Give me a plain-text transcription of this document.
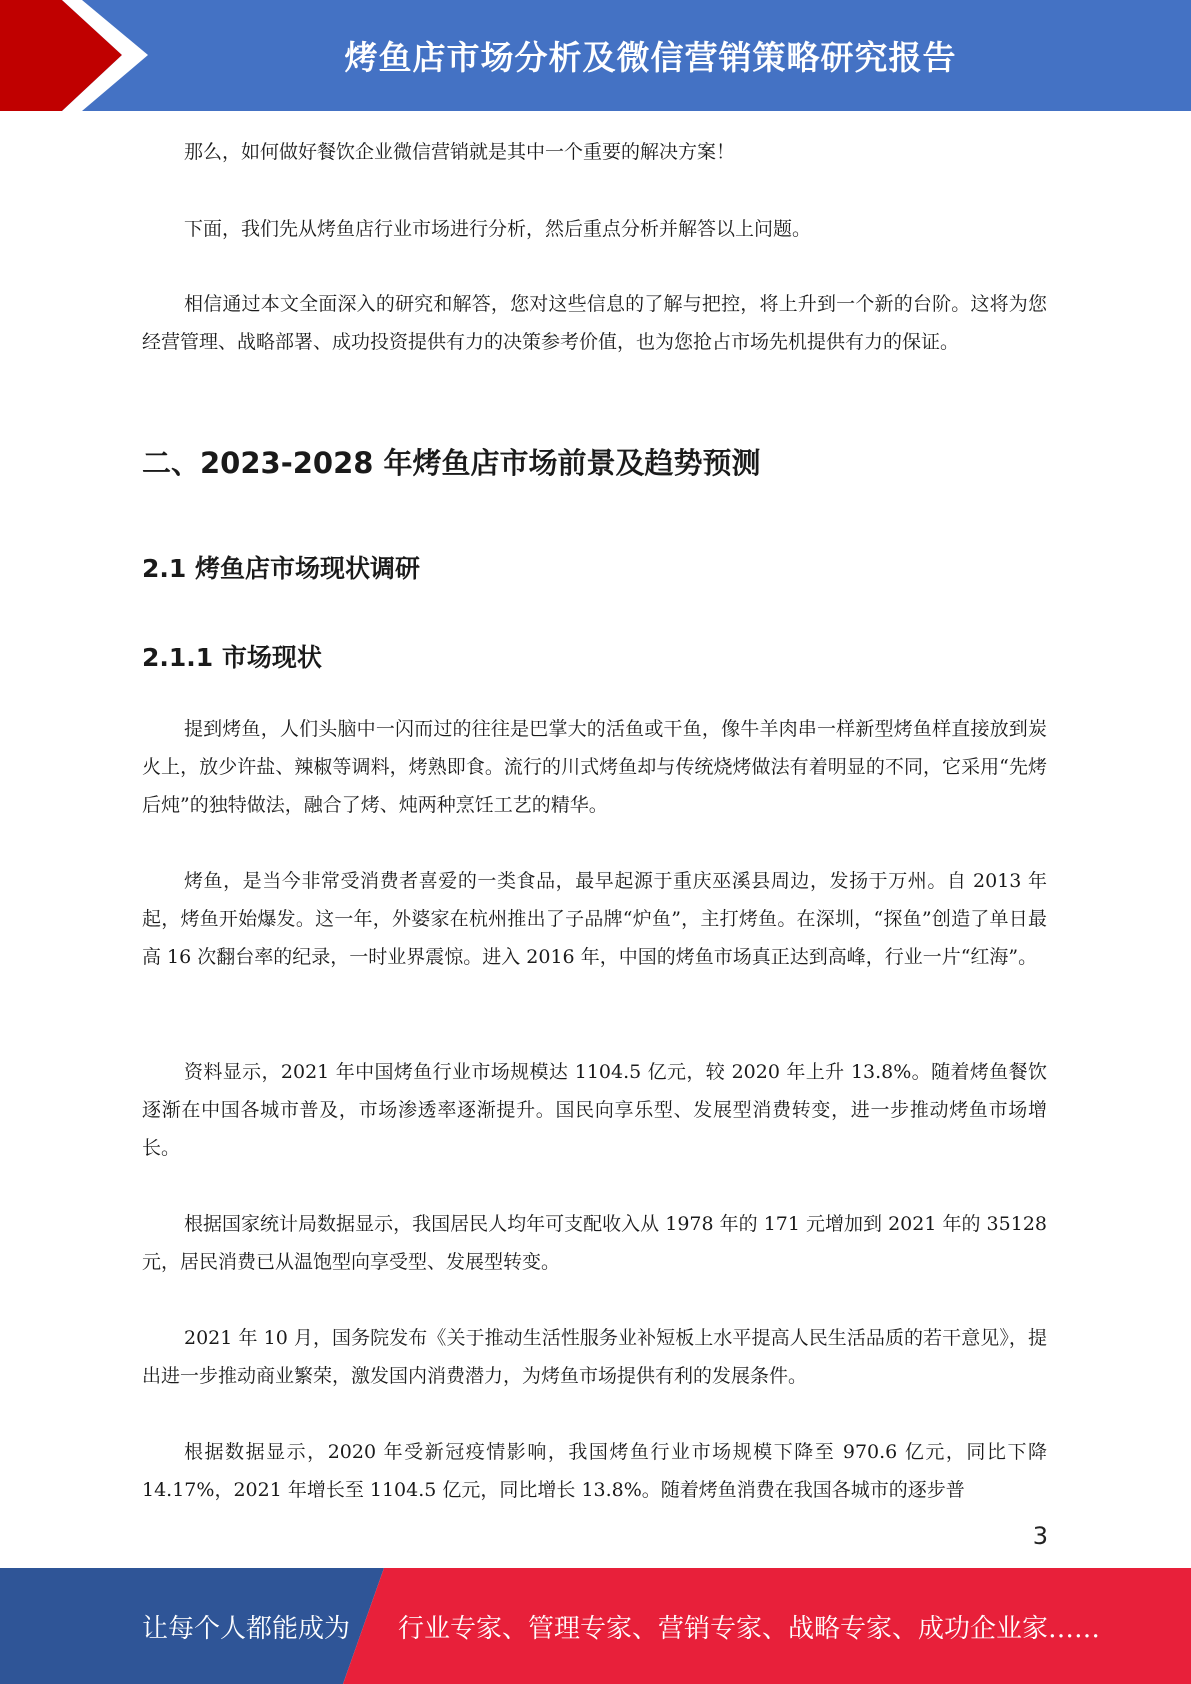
烤鱼店市场分析及微信营销策略研究报告

那么，如何做好餐饮企业微信营销就是其中一个重要的解决方案！

下面，我们先从烤鱼店行业市场进行分析，然后重点分析并解答以上问题。

相信通过本文全面深入的研究和解答，您对这些信息的了解与把控，将上升到一个新的台阶。这将为您经营管理、战略部署、成功投资提供有力的决策参考价值，也为您抢占市场先机提供有力的保证。

二、2023-2028 年烤鱼店市场前景及趋势预测
2.1 烤鱼店市场现状调研
2.1.1 市场现状

提到烤鱼，人们头脑中一闪而过的往往是巴掌大的活鱼或干鱼，像牛羊肉串一样新型烤鱼样直接放到炭火上，放少许盐、辣椒等调料，烤熟即食。流行的川式烤鱼却与传统烧烤做法有着明显的不同，它采用“先烤后炖”的独特做法，融合了烤、炖两种烹饪工艺的精华。

烤鱼，是当今非常受消费者喜爱的一类食品，最早起源于重庆巫溪县周边，发扬于万州。自 2013 年起，烤鱼开始爆发。这一年，外婆家在杭州推出了子品牌“炉鱼”，主打烤鱼。在深圳，“探鱼”创造了单日最高 16 次翻台率的纪录，一时业界震惊。进入 2016 年，中国的烤鱼市场真正达到高峰，行业一片“红海”。

资料显示，2021 年中国烤鱼行业市场规模达 1104.5 亿元，较 2020 年上升 13.8%。随着烤鱼餐饮逐渐在中国各城市普及，市场渗透率逐渐提升。国民向享乐型、发展型消费转变，进一步推动烤鱼市场增长。

根据国家统计局数据显示，我国居民人均年可支配收入从 1978 年的 171 元增加到 2021 年的 35128 元，居民消费已从温饱型向享受型、发展型转变。

2021 年 10 月，国务院发布《关于推动生活性服务业补短板上水平提高人民生活品质的若干意见》，提出进一步推动商业繁荣，激发国内消费潜力，为烤鱼市场提供有利的发展条件。

根据数据显示，2020 年受新冠疫情影响，我国烤鱼行业市场规模下降至 970.6 亿元，同比下降 14.17%，2021 年增长至 1104.5 亿元，同比增长 13.8%。随着烤鱼消费在我国各城市的逐步普

3
让每个人都能成为 行业专家、管理专家、营销专家、战略专家、成功企业家……
